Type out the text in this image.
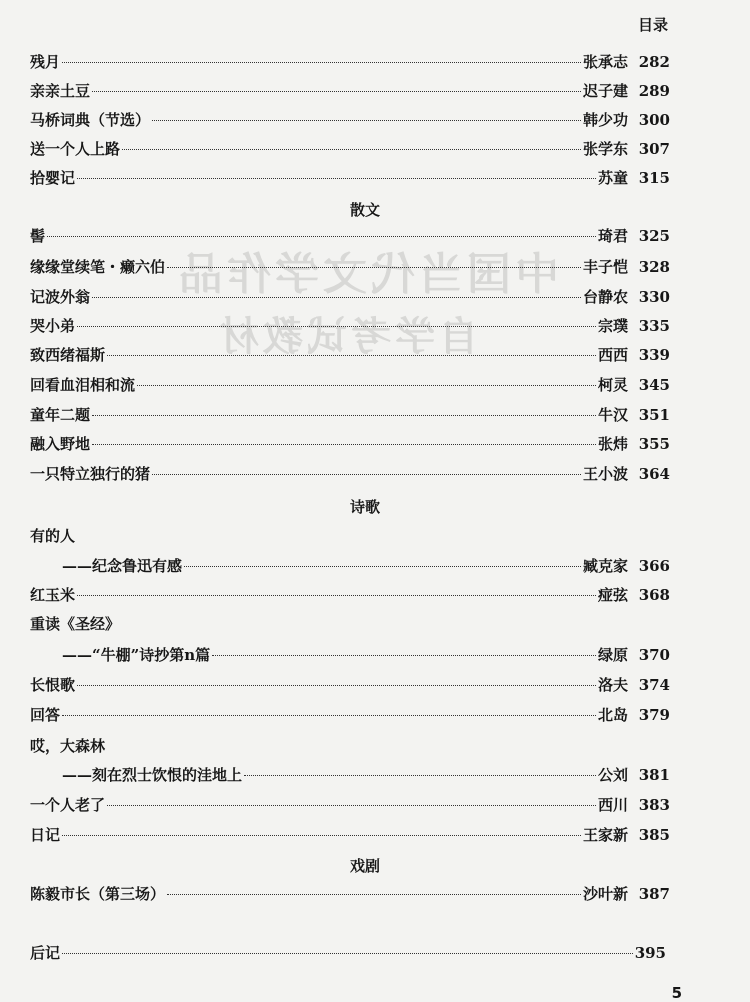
中国当代文学作品
自学考试教材
目录
残月	张承志 282
亲亲土豆	迟子建 289
马桥词典（节选）	韩少功 300
送一个人上路	张学东 307
拾婴记	苏童 315
散文
髻	琦君 325
缘缘堂续笔・癞六伯	丰子恺 328
记波外翁	台静农 330
哭小弟	宗璞 335
致西绪福斯	西西 339
回看血泪相和流	柯灵 345
童年二题	牛汉 351
融入野地	张炜 355
一只特立独行的猪	王小波 364
诗歌
有的人
——纪念鲁迅有感	臧克家 366
红玉米	痖弦 368
重读《圣经》
——“牛棚”诗抄第n篇	绿原 370
长恨歌	洛夫 374
回答	北岛 379
哎，大森林
——刻在烈士饮恨的洼地上	公刘 381
一个人老了	西川 383
日记	王家新 385
戏剧
陈毅市长（第三场）	沙叶新 387
后记	395
5
